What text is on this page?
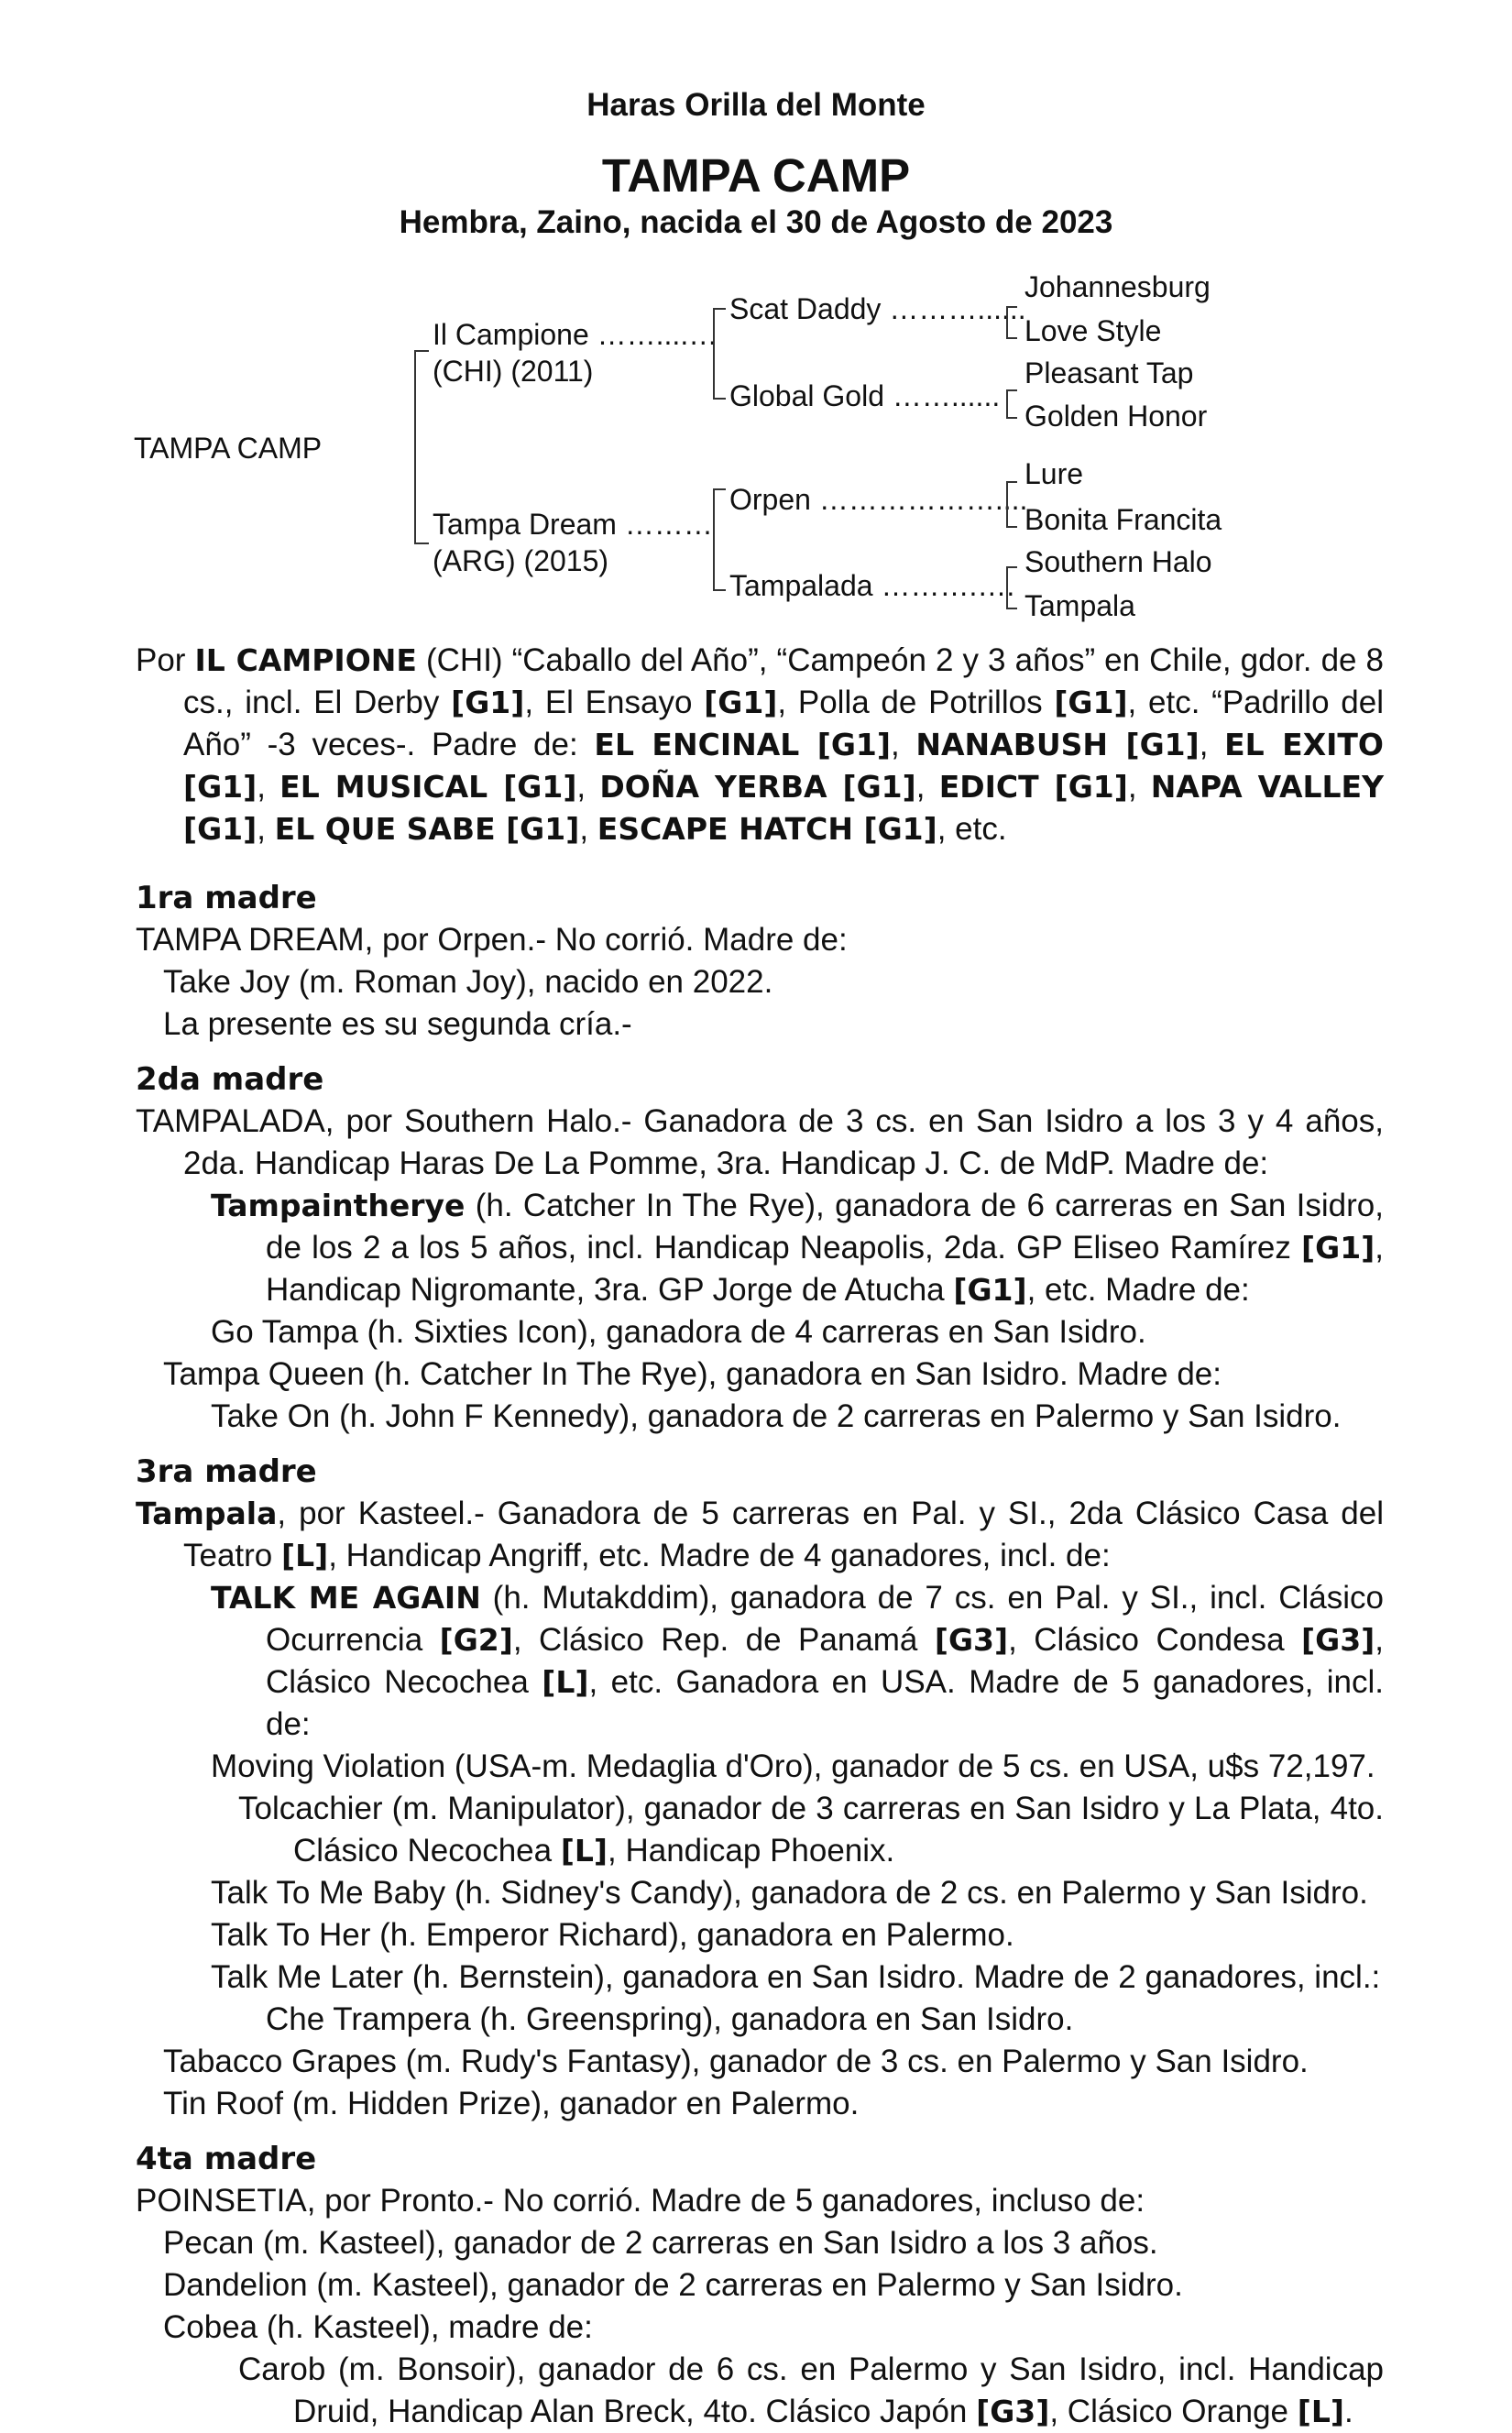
Haras Orilla del Monte
TAMPA CAMP
Hembra, Zaino, nacida el 30 de Agosto de 2023
TAMPA CAMP
Il Campione ……....…
(CHI) (2011)
Tampa Dream ………
(ARG) (2015)
Scat Daddy ………......
Global Gold ……......
Orpen ………………....
Tampalada ……….….
Johannesburg
Love Style
Pleasant Tap
Golden Honor
Lure
Bonita Francita
Southern Halo
Tampala

Por IL CAMPIONE (CHI) “Caballo del Año”, “Campeón 2 y 3 años” en Chile, gdor. de 8 cs., incl. El Derby [G1], El Ensayo [G1], Polla de Potrillos [G1], etc. “Padrillo del Año” -3 veces-. Padre de: EL ENCINAL [G1], NANABUSH [G1], EL EXITO [G1], EL MUSICAL [G1], DOÑA YERBA [G1], EDICT [G1], NAPA VALLEY [G1], EL QUE SABE [G1], ESCAPE HATCH [G1], etc.

1ra madre

TAMPA DREAM, por Orpen.- No corrió. Madre de:

Take Joy (m. Roman Joy), nacido en 2022.

La presente es su segunda cría.-

2da madre

TAMPALADA, por Southern Halo.- Ganadora de 3 cs. en San Isidro a los 3 y 4 años, 2da. Handicap Haras De La Pomme, 3ra. Handicap J. C. de MdP. Madre de:

Tampaintherye (h. Catcher In The Rye), ganadora de 6 carreras en San Isidro, de los 2 a los 5 años, incl. Handicap Neapolis, 2da. GP Eliseo Ramírez [G1], Handicap Nigromante, 3ra. GP Jorge de Atucha [G1], etc. Madre de:

Go Tampa (h. Sixties Icon), ganadora de 4 carreras en San Isidro.

Tampa Queen (h. Catcher In The Rye), ganadora en San Isidro. Madre de:

Take On (h. John F Kennedy), ganadora de 2 carreras en Palermo y San Isidro.

3ra madre

Tampala, por Kasteel.- Ganadora de 5 carreras en Pal. y SI., 2da Clásico Casa del Teatro [L], Handicap Angriff, etc. Madre de 4 ganadores, incl. de:

TALK ME AGAIN (h. Mutakddim), ganadora de 7 cs. en Pal. y SI., incl. Clásico Ocurrencia [G2], Clásico Rep. de Panamá [G3], Clásico Condesa [G3], Clásico Necochea [L], etc. Ganadora en USA. Madre de 5 ganadores, incl. de:

Moving Violation (USA-m. Medaglia d'Oro), ganador de 5 cs. en USA, u$s 72,197.

Tolcachier (m. Manipulator), ganador de 3 carreras en San Isidro y La Plata, 4to. Clásico Necochea [L], Handicap Phoenix.

Talk To Me Baby (h. Sidney's Candy), ganadora de 2 cs. en Palermo y San Isidro.

Talk To Her (h. Emperor Richard), ganadora en Palermo.

Talk Me Later (h. Bernstein), ganadora en San Isidro. Madre de 2 ganadores, incl.:

Che Trampera (h. Greenspring), ganadora en San Isidro.

Tabacco Grapes (m. Rudy's Fantasy), ganador de 3 cs. en Palermo y San Isidro.

Tin Roof (m. Hidden Prize), ganador en Palermo.

4ta madre

POINSETIA, por Pronto.- No corrió. Madre de 5 ganadores, incluso de:

Pecan (m. Kasteel), ganador de 2 carreras en San Isidro a los 3 años.

Dandelion (m. Kasteel), ganador de 2 carreras en Palermo y San Isidro.

Cobea (h. Kasteel), madre de:

Carob (m. Bonsoir), ganador de 6 cs. en Palermo y San Isidro, incl. Handicap Druid, Handicap Alan Breck, 4to. Clásico Japón [G3], Clásico Orange [L].
